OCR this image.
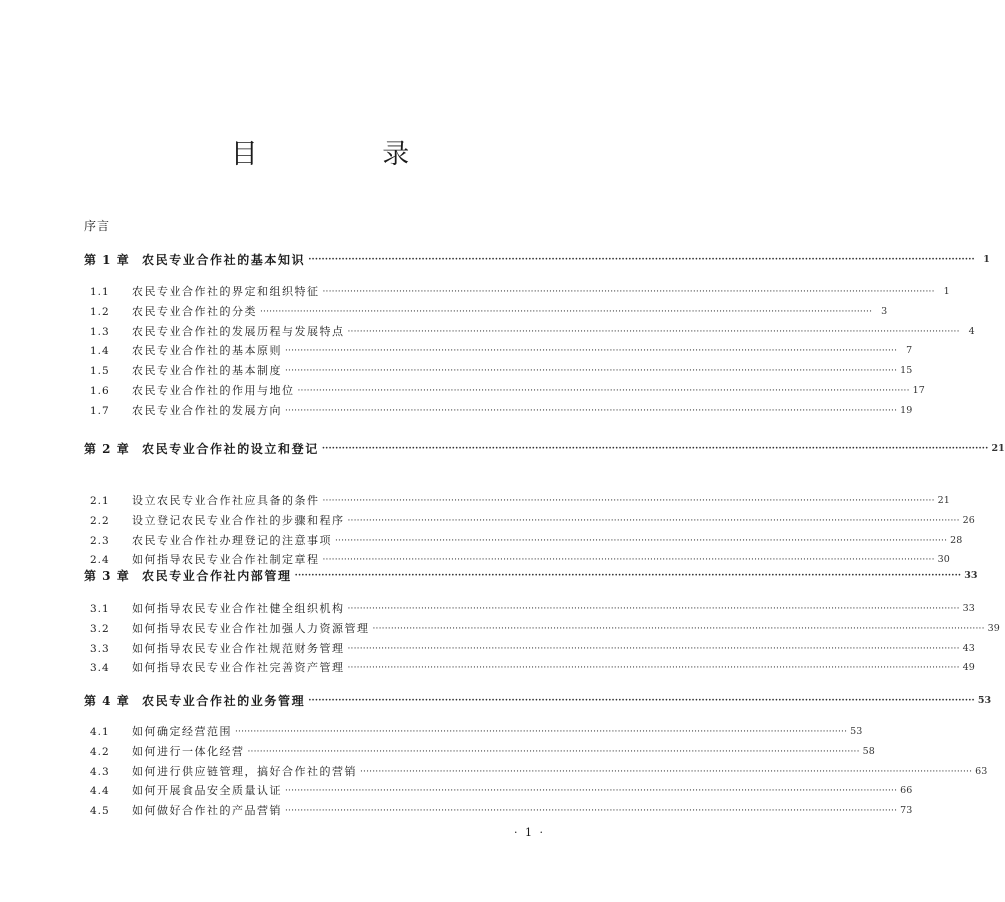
目 录
序言
第 1 章	农民专业合作社的基本知识 ········································································································································································································ 1
1.1	农民专业合作社的界定和组织特征 ········································································································································································································ 1
1.2	农民专业合作社的分类 ········································································································································································································ 3
1.3	农民专业合作社的发展历程与发展特点 ········································································································································································································ 4
1.4	农民专业合作社的基本原则 ········································································································································································································ 7
1.5	农民专业合作社的基本制度 ········································································································································································································ 15
1.6	农民专业合作社的作用与地位 ········································································································································································································ 17
1.7	农民专业合作社的发展方向 ········································································································································································································ 19
第 2 章	农民专业合作社的设立和登记 ········································································································································································································ 21
2.1	设立农民专业合作社应具备的条件 ········································································································································································································ 21
2.2	设立登记农民专业合作社的步骤和程序 ········································································································································································································ 26
2.3	农民专业合作社办理登记的注意事项 ········································································································································································································ 28
2.4	如何指导农民专业合作社制定章程 ········································································································································································································ 30
第 3 章	农民专业合作社内部管理 ········································································································································································································ 33
3.1	如何指导农民专业合作社健全组织机构 ········································································································································································································ 33
3.2	如何指导农民专业合作社加强人力资源管理 ········································································································································································································ 39
3.3	如何指导农民专业合作社规范财务管理 ········································································································································································································ 43
3.4	如何指导农民专业合作社完善资产管理 ········································································································································································································ 49
第 4 章	农民专业合作社的业务管理 ········································································································································································································ 53
4.1	如何确定经营范围 ········································································································································································································ 53
4.2	如何进行一体化经营 ········································································································································································································ 58
4.3	如何进行供应链管理，搞好合作社的营销 ········································································································································································································ 63
4.4	如何开展食品安全质量认证 ········································································································································································································ 66
4.5	如何做好合作社的产品营销 ········································································································································································································ 73
· 1 ·
